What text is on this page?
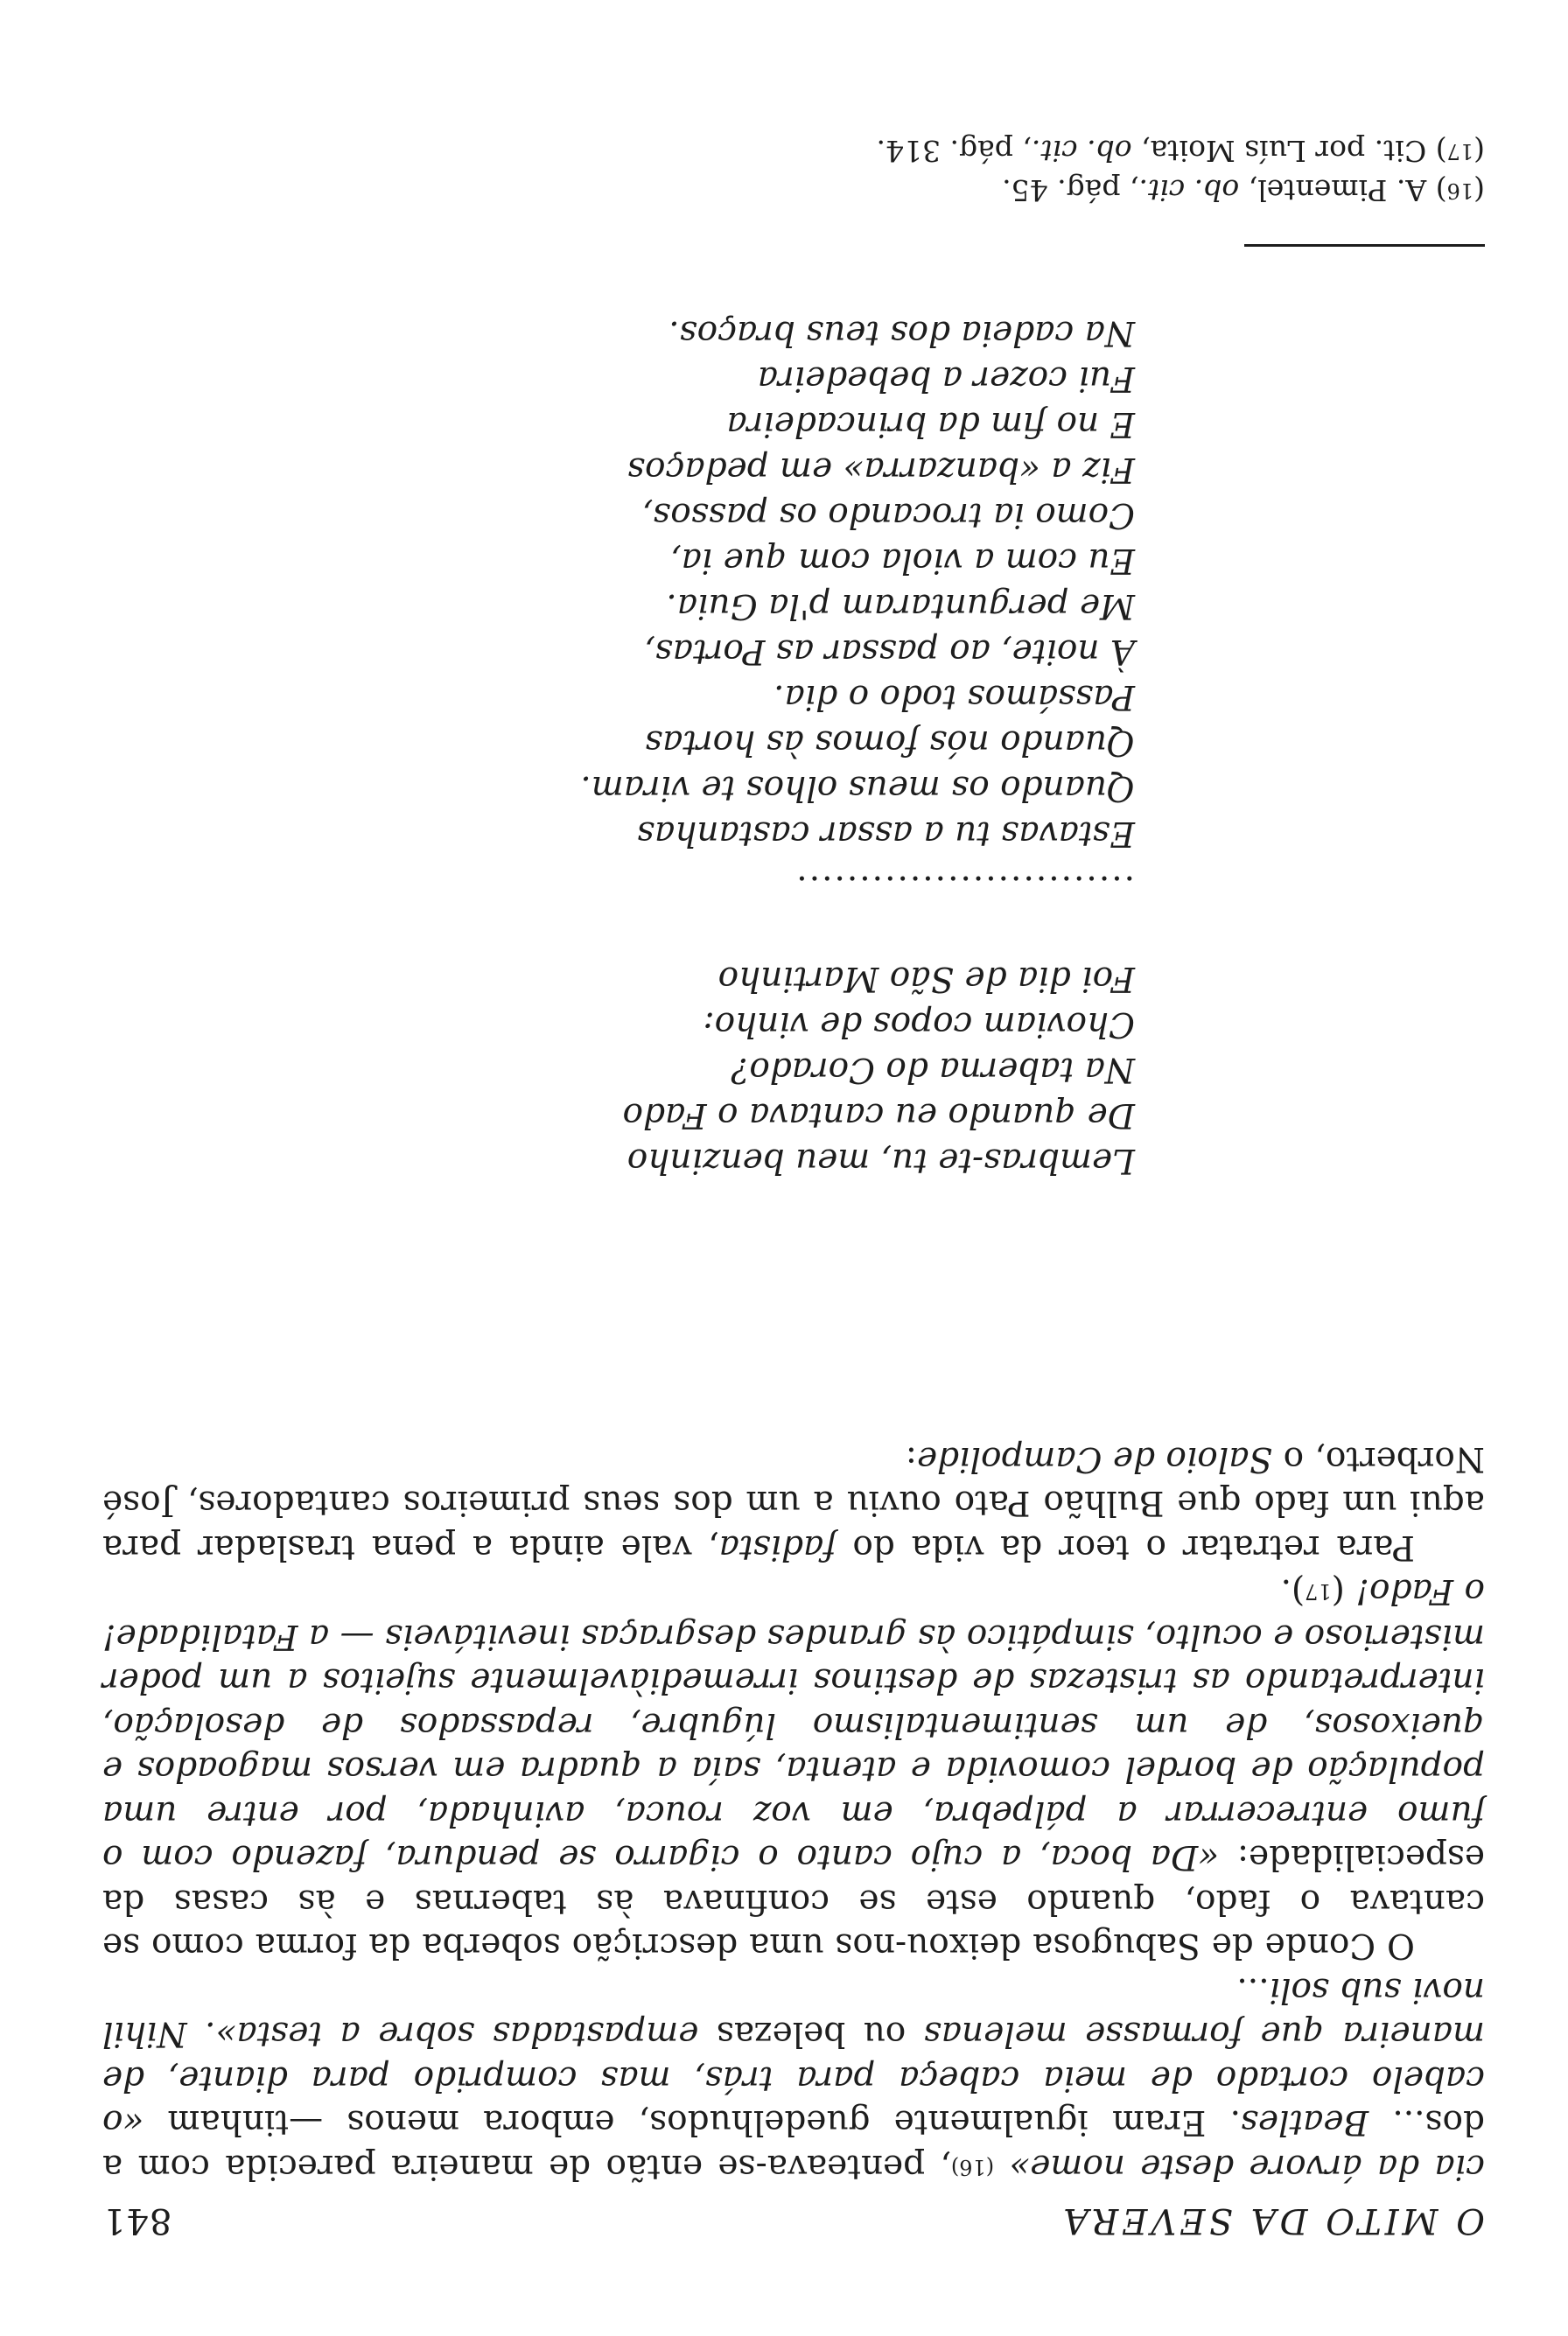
O MITO DA SEVERA
841

cia da árvore deste nome» $^{(16)}$, penteava-se então de maneira parecida com a dos... Beatles. Eram igualmente guedelhudos, embora menos —tinham «o cabelo cortado de meia cabeça para trás, mas comprido para diante, de maneira que formasse melenas ou belezas empastadas sobre a testa». Nihil novi sub soli...

O Conde de Sabugosa deixou-nos uma descrição soberba da forma como se cantava o fado, quando este se confinava às tabernas e às casas da especialidade: «Da boca, a cujo canto o cigarro se pendura, fazendo com o fumo entrecerrar a pálpebra, em voz rouca, avinhada, por entre uma população de bordel comovida e atenta, saía a quadra em versos magoados e queixosos, de um sentimentalismo lúgubre, repassados de desolação, interpretando as tristezas de destinos irremediàvelmente sujeitos a um poder misterioso e oculto, simpático às grandes desgraças inevitáveis — a Fatalidade! o Fado! ($^{17}$).

Para retratar o teor da vida do fadista, vale ainda a pena trasladar para aqui um fado que Bulhão Pato ouviu a um dos seus primeiros cantadores, José Norberto, o Saloio de Campolide:

Lembras-te tu, meu benzinho
De quando eu cantava o Fado
Na taberna do Corado?
Choviam copos de vinho:
Foi dia de São Martinho
...........................
Estavas tu a assar castanhas
Quando os meus olhos te viram.
Quando nós fomos às hortas
Passámos todo o dia.
À noite, ao passar as Portas,
Me perguntaram p'la Guia.
Eu com a viola com que ia,
Como ia trocando os passos,
Fiz a «banzarra» em pedaços
E no fim da brincadeira
Fui cozer a bebedeira
Na cadeia dos teus braços.
(16) A. Pimentel, ob. cit., pág. 45.
(17) Cit. por Luís Moita, ob. cit., pág. 314.
